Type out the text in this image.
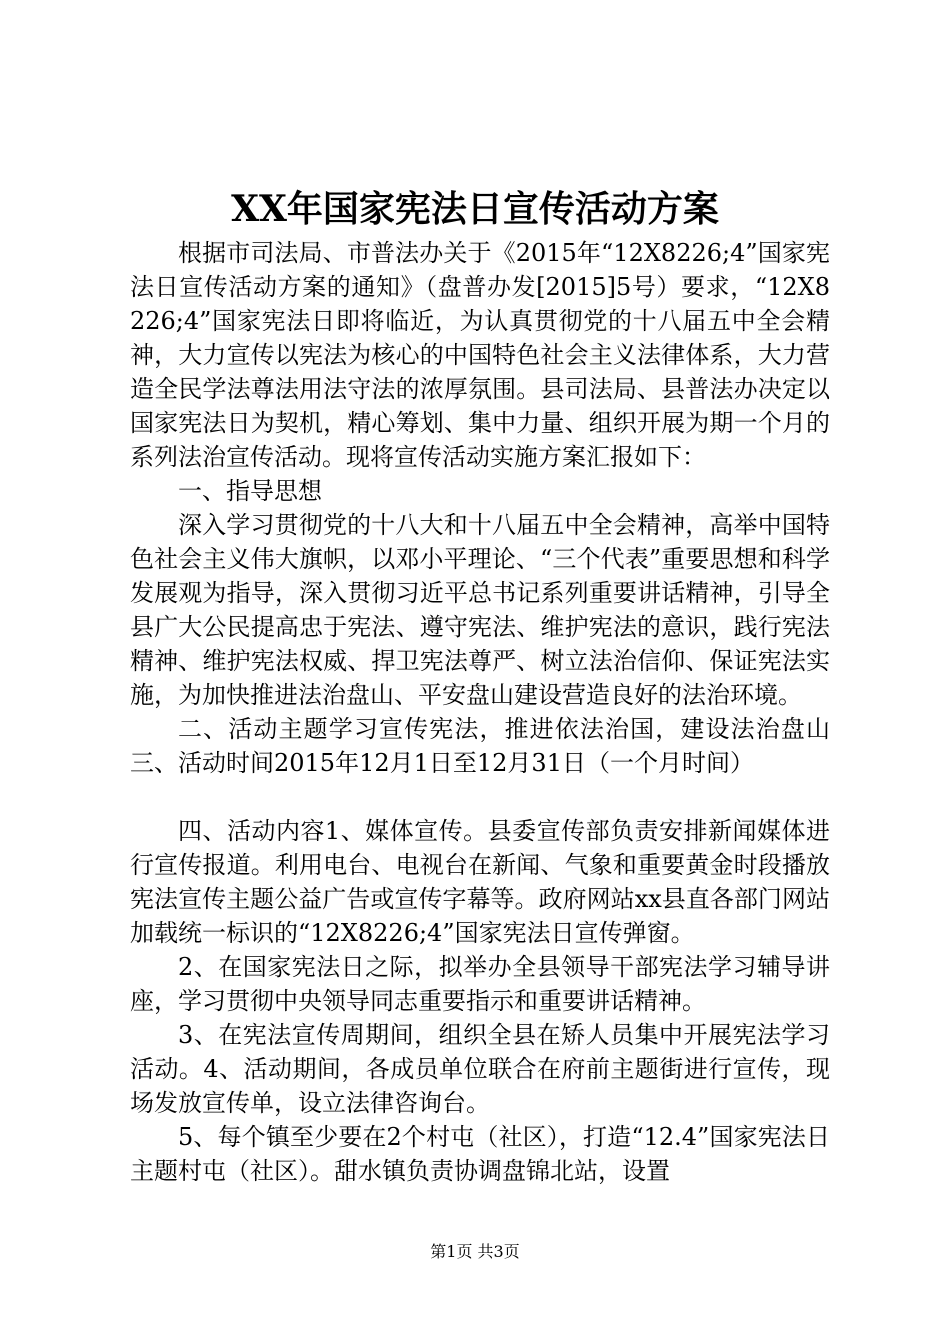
XX年国家宪法日宣传活动方案

根据市司法局、市普法办关于《2015年“12X8226;4”国家宪法日宣传活动方案的通知》（盘普办发[2015]5号）要求，“12X8226;4”国家宪法日即将临近，为认真贯彻党的十八届五中全会精神，大力宣传以宪法为核心的中国特色社会主义法律体系，大力营造全民学法尊法用法守法的浓厚氛围。县司法局、县普法办决定以国家宪法日为契机，精心筹划、集中力量、组织开展为期一个月的系列法治宣传活动。现将宣传活动实施方案汇报如下：

一、指导思想

深入学习贯彻党的十八大和十八届五中全会精神，高举中国特色社会主义伟大旗帜，以邓小平理论、“三个代表”重要思想和科学发展观为指导，深入贯彻习近平总书记系列重要讲话精神，引导全县广大公民提高忠于宪法、遵守宪法、维护宪法的意识，践行宪法精神、维护宪法权威、捍卫宪法尊严、树立法治信仰、保证宪法实施，为加快推进法治盘山、平安盘山建设营造良好的法治环境。

二、活动主题学习宣传宪法，推进依法治国，建设法治盘山三、活动时间2015年12月1日至12月31日（一个月时间）

四、活动内容1、媒体宣传。县委宣传部负责安排新闻媒体进行宣传报道。利用电台、电视台在新闻、气象和重要黄金时段播放宪法宣传主题公益广告或宣传字幕等。政府网站xx县直各部门网站加载统一标识的“12X8226;4”国家宪法日宣传弹窗。

2、在国家宪法日之际，拟举办全县领导干部宪法学习辅导讲座，学习贯彻中央领导同志重要指示和重要讲话精神。

3、在宪法宣传周期间，组织全县在矫人员集中开展宪法学习活动。4、活动期间，各成员单位联合在府前主题街进行宣传，现场发放宣传单，设立法律咨询台。

5、每个镇至少要在2个村屯（社区），打造“12.4”国家宪法日主题村屯（社区）。甜水镇负责协调盘锦北站，设置

第1页 共3页
